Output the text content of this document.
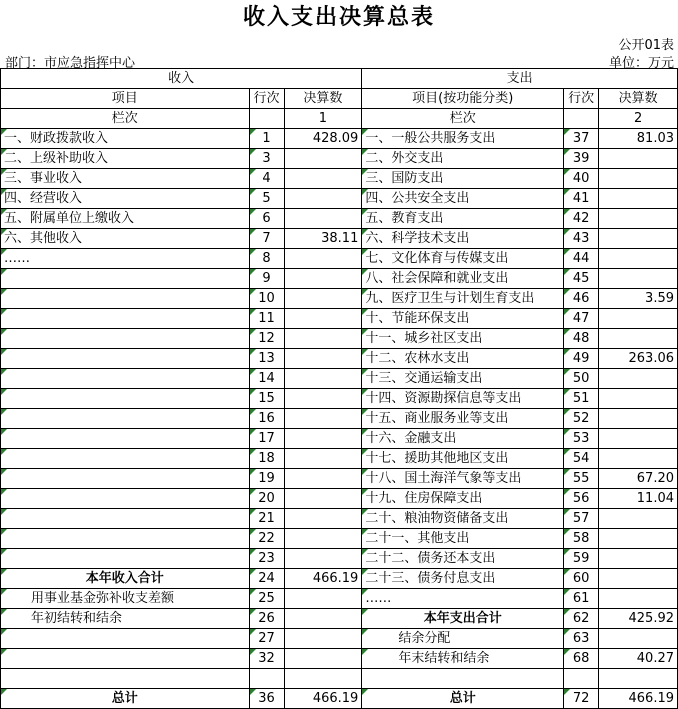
收入支出决算总表
公开01表
部门：市应急指挥中心	单位：万元
收入			支出		
项目	行次	决算数	项目(按功能分类)	行次	决算数
栏次		1	栏次		2
一、财政拨款收入	1	428.09	一、一般公共服务支出	37	81.03
二、上级补助收入	3		二、外交支出	39	
三、事业收入	4		三、国防支出	40	
四、经营收入	5		四、公共安全支出	41	
五、附属单位上缴收入	6		五、教育支出	42	
六、其他收入	7	38.11	六、科学技术支出	43	
……	8		七、文化体育与传媒支出	44	
	9		八、社会保障和就业支出	45	
	10		九、医疗卫生与计划生育支出	46	3.59
	11		十、节能环保支出	47	
	12		十一、城乡社区支出	48	
	13		十二、农林水支出	49	263.06
	14		十三、交通运输支出	50	
	15		十四、资源勘探信息等支出	51	
	16		十五、商业服务业等支出	52	
	17		十六、金融支出	53	
	18		十七、援助其他地区支出	54	
	19		十八、国土海洋气象等支出	55	67.20
	20		十九、住房保障支出	56	11.04
	21		二十、粮油物资储备支出	57	
	22		二十一、其他支出	58	
	23		二十二、债务还本支出	59	
本年收入合计	24	466.19	二十三、债务付息支出	60	
用事业基金弥补收支差额	25		……	61	
年初结转和结余	26		本年支出合计	62	425.92
	27		结余分配	63	
	32		年末结转和结余	68	40.27

总计	36	466.19	总计	72	466.19
